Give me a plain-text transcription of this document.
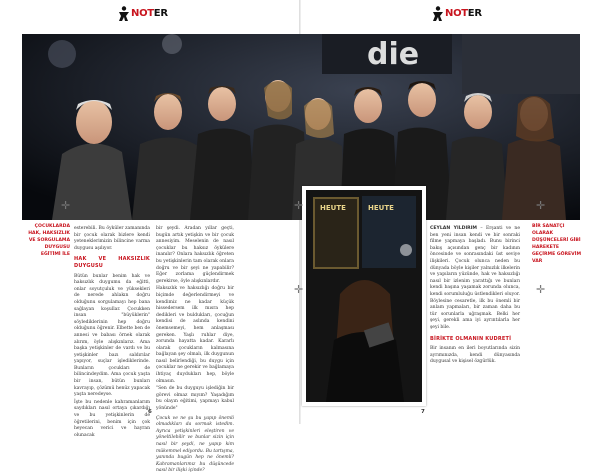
NOTER
6
NOTER
7
die
HEUTE	HEUTE
ÇOCUKLARDA HAK, HAKSIZLIK VE SORGULAMA DUYGUSU EĞİTİMİ İLE
BİR SANATÇI OLARAK DÜŞÜNCELERİ GİBİ HAREKETE GEÇİRME GÖREVİM VAR
✛	✛
✛
✛
✛

esterebili. Bu öyküler zamanında bir çocuk olarak bizlere kendi yeteneklerimizin bilincine varma duygusu aşılıyor.

HAK VE HAKSIZLIK DUYGUSU

Bütün bunlar benim hak ve haksızlık duygumu da eğitti, onlar soyutçuluk ve yüksekleri de nerede ahlakın doğru olduğunu sorgulamayı hep bana sağlayan koşullar. Çocukken insan "büyüklerin" söylediklerinin hep doğru olduğunu öğrenir. Elbette ben de annesi ve babası örnek olarak alırım, öyle alışkınlarız. Ama başka yetişkinler de vardı ve bu yetişkinler bazı saldırılar yapıyor, suçlar işlediklerinde. Bunların çocukları de bilincindeydim. Ama çocuk yaşta bir insan, bütün bunları kavrayıp, çözümü henüz yapacak yaşta neredeyse.

İşte bu nedenle kahramanlarım saydıkları nasıl ortaya çıkardığı ve bu yetişkinlerin de öğretilerini, benim için çok heyecan verici ve hayran olunacak

bir şeydi. Aradan yıllar geçti, bugün artık yetişkin ve bir çocuk annesiyim. Meselenin de nasıl çocuklar bu haksız öykülere inanılır? Onlara haksızlık öğreten bu yetişkinlerin tam olarak onlara doğru ve bir şeyi ne yapabilir? Eğer zorlama güçlendirmek gerekirse, öyle alışkınlardır.

Haksızlık ve haksızlığı doğru bir biçimde değerlendirmeyi ve kendimiz ne kadar küçük hissedersem ilk mısra hep dedikleri ve buldukları, çocuğun kendisi de aslında kendini önemsemeyi, hem anlaşması gereken. Yaşlı ruhlar diye, zorunda hayatta kadar. Kararlı olarak çocukların kalmasına bağlayan şey olmalı, ilk duygunun nasıl belirlendiği, bu duygu için çocuklar ne gerekir ve bağlamaya ihtiyaç duydukları hep, böyle olmasın.

"Sen de bu duyguyu işlediğin bir görevi olmaz mıyım? Yaşadığım bu olayın eğitimi, yapmayı kabul yönünde"

Çocuk ve ne şu bu yapıp önemli olmadıkları da sormak istedim. Ayrıca yetişkinleri eleştiren ve yöneltilebilir ve bunlar sizin için nasıl bir şeydi, ne yapıp kim mükemmel ediyordu. Bu tartışma, yanında bugün hep ne önemli? Kahramanlarımız bu düşüncede nasıl bir ilişki içinde?

CEYLAN YILDIRIM – Erşanti ve ne ben yeni insan kendi ve bir sonraki filme yapmaya başladı. Bunu birinci bakış açısından genç bir kadının öncesinde ve sonrasındaki üst seviye ilişkileri. Çocuk olunca neden bu dünyada böyle kişiler yalnızlık ilkelerin ve yapıların yüzünde, hak ve haksızlığı nasıl bir izlenim yarattığı ve bunları kendi başına yaşamak zorunda olunca, kendi sorumluluğu üstlendikleri oluyor. Böylesine cesaretle, ilk bu önemli bir anlam yapmaları, bir zaman daha bu tür sorunlarla uğraşmak. Belki her şeyi, gerekli ama iyi ayrıntılarla her şeyi bile.

BİRİKTE OLMANIN KUDRETİ

Bir insanın en ileri boyutlarında sizin ayrımınızda, kendi dünyasında duygusal ve kişisel özgürlük.
